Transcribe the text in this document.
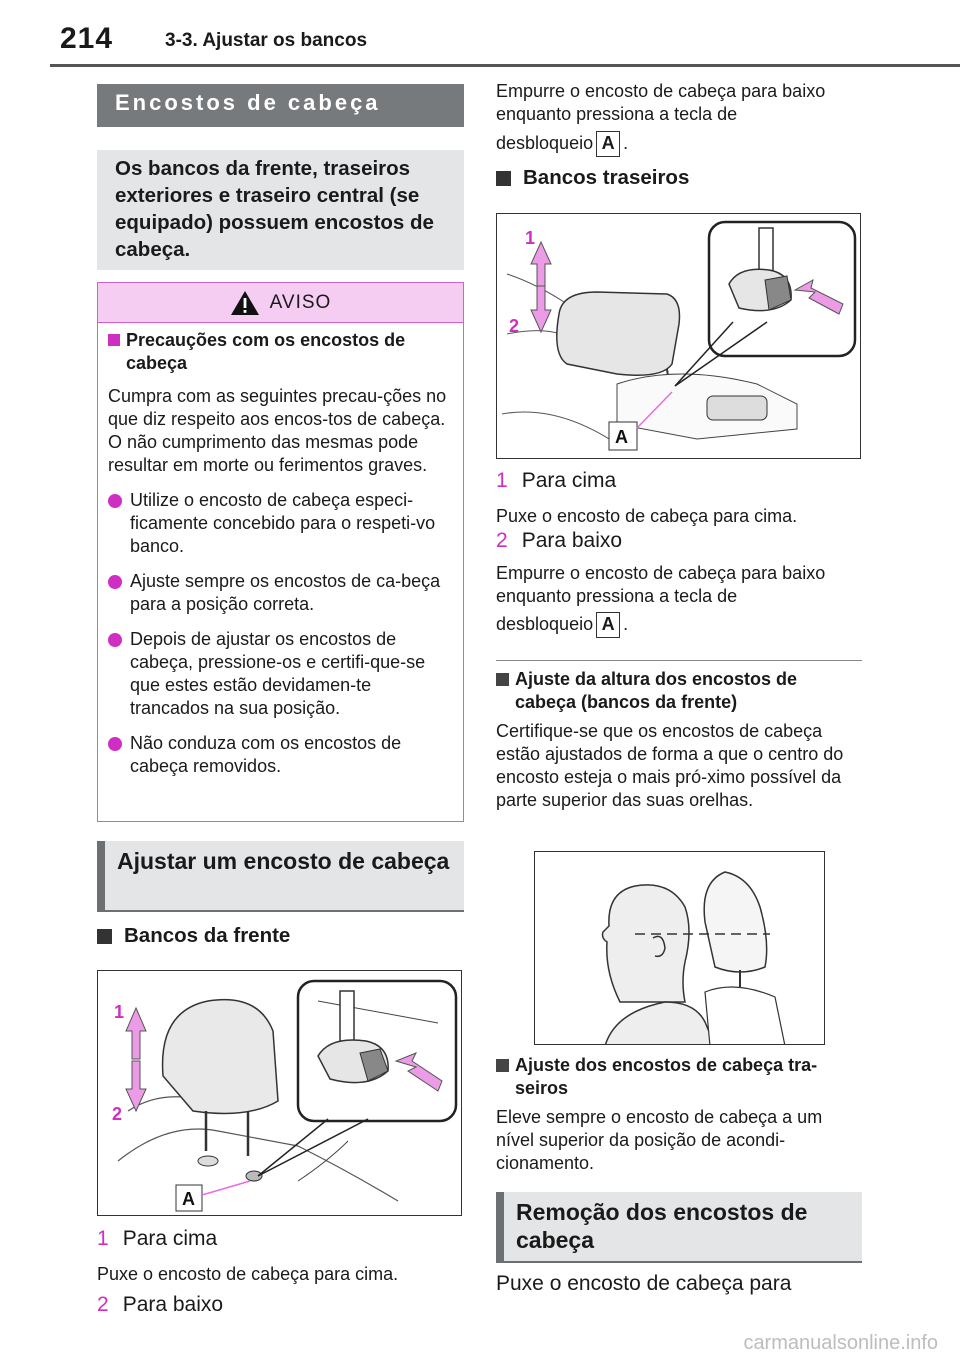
214	3-3. Ajustar os bancos
Encostos de cabeça
Os bancos da frente, traseiros exteriores e traseiro central (se equipado) possuem encostos de cabeça.
AVISO
Precauções com os encostos de cabeça

Cumpra com as seguintes precau-ções no que diz respeito aos encos-tos de cabeça. O não cumprimento das mesmas pode resultar em morte ou ferimentos graves.

Utilize o encosto de cabeça especi-ficamente concebido para o respeti-vo banco.
Ajuste sempre os encostos de ca-beça para a posição correta.
Depois de ajustar os encostos de cabeça, pressione-os e certifi-que-se que estes estão devidamen-te trancados na sua posição.
Não conduza com os encostos de cabeça removidos.
Ajustar um encosto de cabeça
Bancos da frente
1
2
A
1 Para cima
Puxe o encosto de cabeça para cima.
2 Para baixo
Empurre o encosto de cabeça para baixo enquanto pressiona a tecla de
desbloqueio A .
Bancos traseiros
1
2
A
1 Para cima
Puxe o encosto de cabeça para cima.
2 Para baixo
Empurre o encosto de cabeça para baixo enquanto pressiona a tecla de
desbloqueio A .
Ajuste da altura dos encostos de cabeça (bancos da frente)
Certifique-se que os encostos de cabeça estão ajustados de forma a que o centro do encosto esteja o mais pró-ximo possível da parte superior das suas orelhas.
Ajuste dos encostos de cabeça tra-seiros
Eleve sempre o encosto de cabeça a um nível superior da posição de acondi-cionamento.
Remoção dos encostos de cabeça
Puxe o encosto de cabeça para
carmanualsonline.info
